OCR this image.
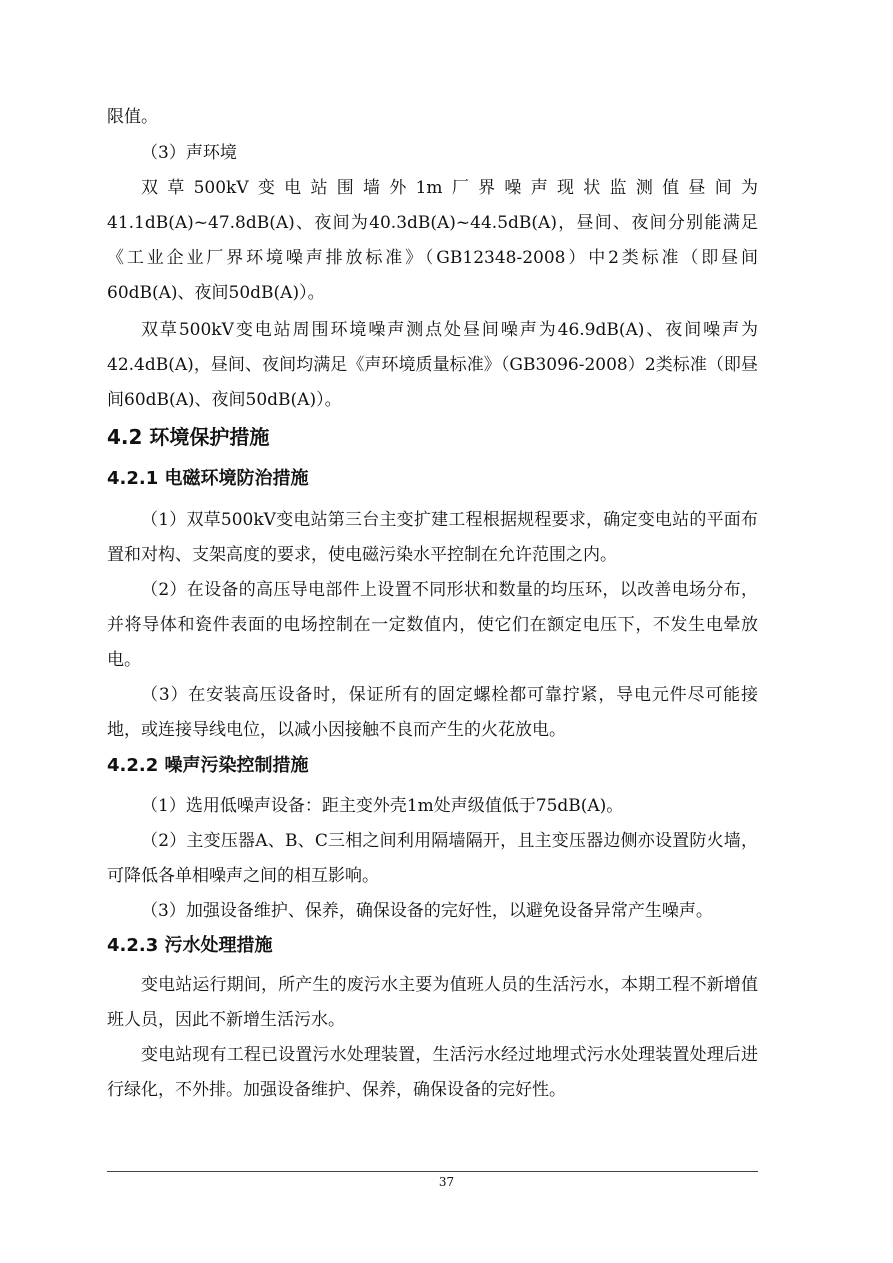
限值。

（3）声环境

双草500kV变电站围墙外1m厂界噪声现状监测值昼间为41.1dB(A)~47.8dB(A)、夜间为40.3dB(A)~44.5dB(A)，昼间、夜间分别能满足《工业企业厂界环境噪声排放标准》（GB12348-2008）中2类标准（即昼间60dB(A)、夜间50dB(A)）。

双草500kV变电站周围环境噪声测点处昼间噪声为46.9dB(A)、夜间噪声为42.4dB(A)，昼间、夜间均满足《声环境质量标准》（GB3096-2008）2类标准（即昼间60dB(A)、夜间50dB(A)）。

4.2 环境保护措施
4.2.1 电磁环境防治措施

（1）双草500kV变电站第三台主变扩建工程根据规程要求，确定变电站的平面布置和对构、支架高度的要求，使电磁污染水平控制在允许范围之内。

（2）在设备的高压导电部件上设置不同形状和数量的均压环，以改善电场分布，并将导体和瓷件表面的电场控制在一定数值内，使它们在额定电压下，不发生电晕放电。

（3）在安装高压设备时，保证所有的固定螺栓都可靠拧紧，导电元件尽可能接地，或连接导线电位，以减小因接触不良而产生的火花放电。

4.2.2 噪声污染控制措施

（1）选用低噪声设备：距主变外壳1m处声级值低于75dB(A)。

（2）主变压器A、B、C三相之间利用隔墙隔开，且主变压器边侧亦设置防火墙，可降低各单相噪声之间的相互影响。

（3）加强设备维护、保养，确保设备的完好性，以避免设备异常产生噪声。

4.2.3 污水处理措施

变电站运行期间，所产生的废污水主要为值班人员的生活污水，本期工程不新增值班人员，因此不新增生活污水。

变电站现有工程已设置污水处理装置，生活污水经过地埋式污水处理装置处理后进行绿化，不外排。加强设备维护、保养，确保设备的完好性。

37
